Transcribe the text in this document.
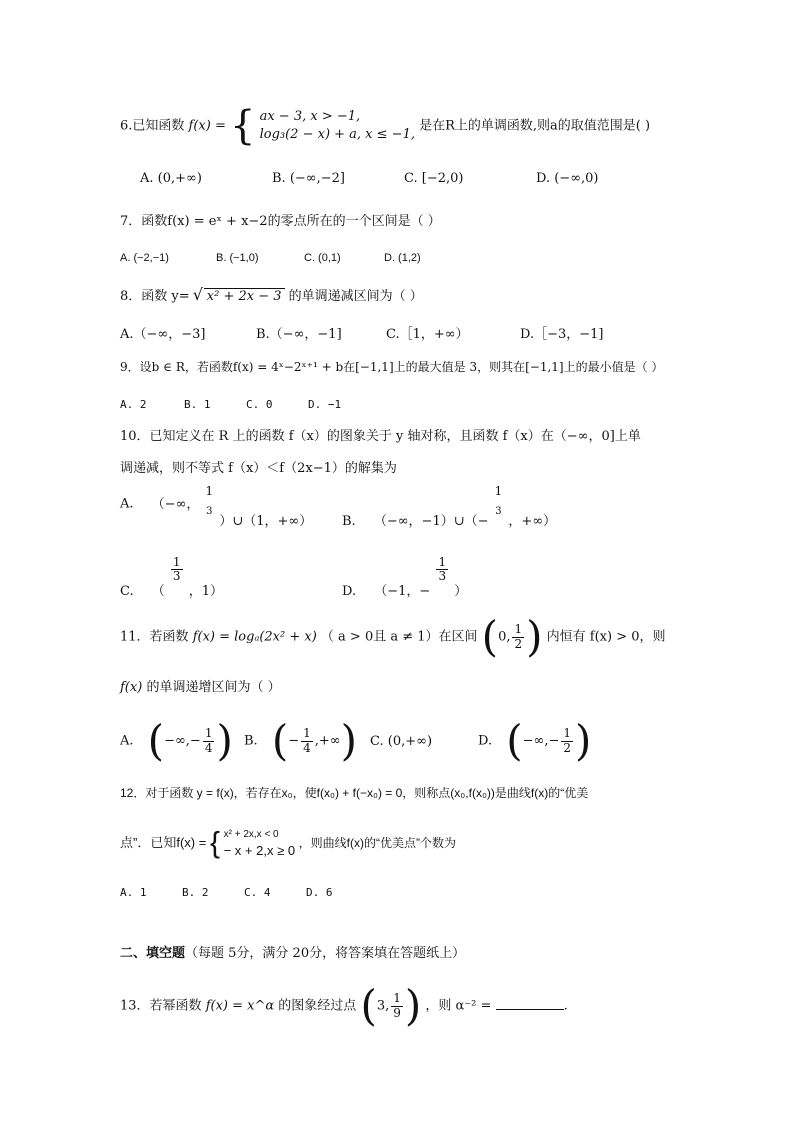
6.已知函数 f(x) = { ax − 3, x > −1,
log₃(2 − x) + a, x ≤ −1,
是在R上的单调函数,则a的取值范围是( )
A. (0,+∞)	B. (−∞,−2]	C. [−2,0)	D. (−∞,0)
7．函数f(x) = eˣ + x−2的零点所在的一个区间是（ ）
A. (−2,−1)	B. (−1,0)	C. (0,1)	D. (1,2)
8．函数 y= √ x² + 2x − 3 的单调递减区间为（ ）
A.（−∞，−3]	B.（−∞，−1]	C.［1，+∞）	D.［−3，−1]
9．设b ∈ R，若函数f(x) = 4ˣ−2ˣ⁺¹ + b在[−1,1]上的最大值是 3，则其在[−1,1]上的最小值是（ ）
A. 2	B. 1	C. 0	D. −1
10．已知定义在 R 上的函数 f（x）的图象关于 y 轴对称，且函数 f（x）在（−∞，0]上单
调递减，则不等式 f（x）＜f（2x−1）的解集为
A. （−∞，
1
3
）∪（1，+∞） B. （−∞，−1）∪（−
1
3
，+∞）
C. （
$\frac{1}{3}$
，1）	D. （−1，−
$\frac{1}{3}$
）
11．若函数 f(x) = logₐ(2x² + x) （ a > 0且 a ≠ 1）在区间 (0, $\frac{1}{2}$ ) 内恒有 f(x) > 0，则
f(x) 的单调递增区间为（ ）
A. (−∞,− $\frac{1}{4}$ ) B. (− $\frac{1}{4}$ ,+∞) C. (0,+∞)	D. (−∞,− $\frac{1}{2}$ )
12．对于函数 y = f(x)，若存在x₀，使f(x₀) + f(−x₀) = 0，则称点(x₀,f(x₀))是曲线f(x)的“优美
点”．已知f(x) = { x² + 2x,x < 0
− x + 2,x ≥ 0 ，则曲线f(x)的“优美点”个数为
A. 1	B. 2	C. 4	D. 6
二、填空题（每题 5分，满分 20分，将答案填在答题纸上）
13．若幂函数 f(x) = x^α 的图象经过点 (3, $\frac{1}{9}$ ) ，则 α⁻² =	.
